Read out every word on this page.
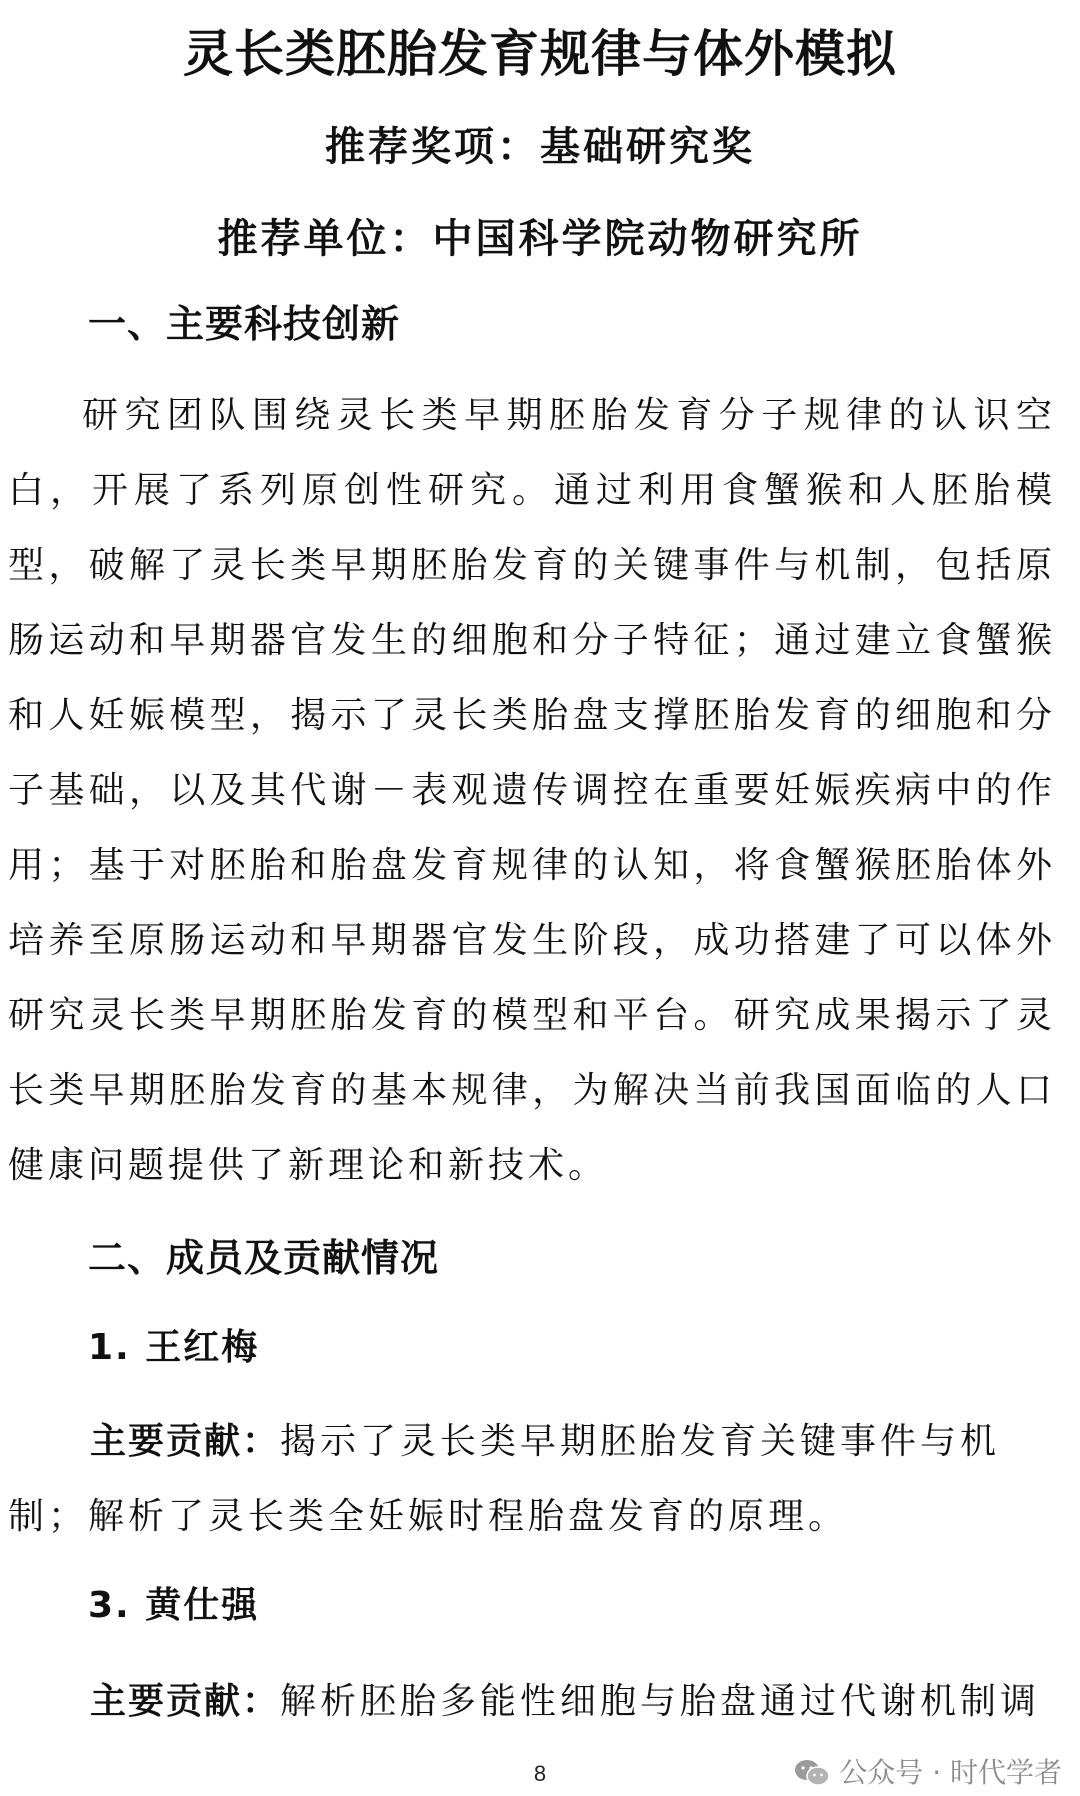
灵长类胚胎发育规律与体外模拟
推荐奖项：基础研究奖
推荐单位：中国科学院动物研究所
一、主要科技创新

研究团队围绕灵长类早期胚胎发育分子规律的认识空白，开展了系列原创性研究。通过利用食蟹猴和人胚胎模型，破解了灵长类早期胚胎发育的关键事件与机制，包括原肠运动和早期器官发生的细胞和分子特征；通过建立食蟹猴和人妊娠模型，揭示了灵长类胎盘支撑胚胎发育的细胞和分子基础，以及其代谢－表观遗传调控在重要妊娠疾病中的作用；基于对胚胎和胎盘发育规律的认知，将食蟹猴胚胎体外培养至原肠运动和早期器官发生阶段，成功搭建了可以体外研究灵长类早期胚胎发育的模型和平台。研究成果揭示了灵长类早期胚胎发育的基本规律，为解决当前我国面临的人口健康问题提供了新理论和新技术。

二、成员及贡献情况
1. 王红梅

主要贡献：揭示了灵长类早期胚胎发育关键事件与机制；解析了灵长类全妊娠时程胎盘发育的原理。

3. 黄仕强

主要贡献：解析胚胎多能性细胞与胎盘通过代谢机制调

8	公众号 · 时代学者
